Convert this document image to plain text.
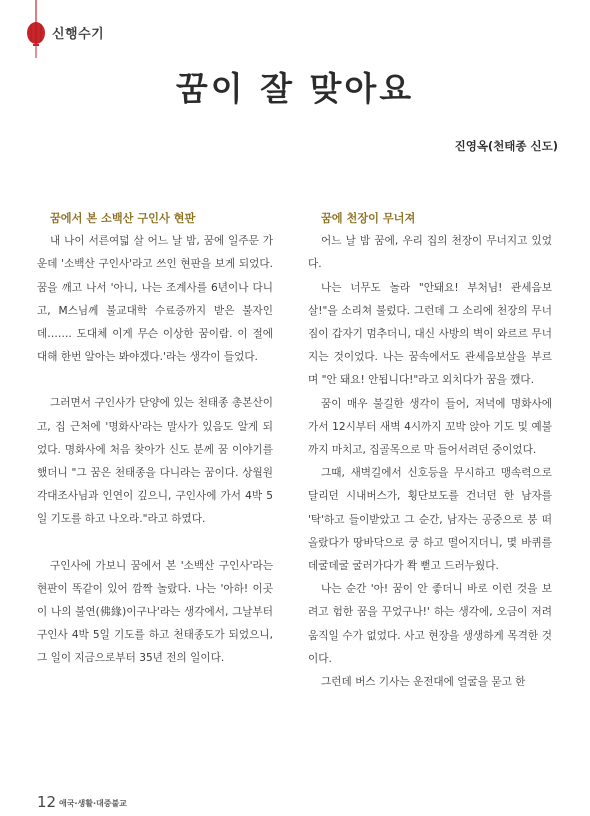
신행수기
꿈이 잘 맞아요
진영옥(천태종 신도)
꿈에서 본 소백산 구인사 현판

내 나이 서른여덟 살 어느 날 밤, 꿈에 일주문 가운데 '소백산 구인사'라고 쓰인 현판을 보게 되었다. 꿈을 깨고 나서 '아니, 나는 조계사를 6년이나 다니고, M스님께 불교대학 수료증까지 받은 불자인데……. 도대체 이게 무슨 이상한 꿈이람. 이 절에 대해 한번 알아는 봐야겠다.'라는 생각이 들었다.

그러면서 구인사가 단양에 있는 천태종 총본산이고, 집 근처에 '명화사'라는 말사가 있음도 알게 되었다. 명화사에 처음 찾아가 신도 분께 꿈 이야기를 했더니 "그 꿈은 천태종을 다니라는 꿈이다. 상월원각대조사님과 인연이 깊으니, 구인사에 가서 4박 5일 기도를 하고 나오라."라고 하였다.

구인사에 가보니 꿈에서 본 '소백산 구인사'라는 현판이 똑같이 있어 깜짝 놀랐다. 나는 '아하! 이곳이 나의 불연(佛緣)이구나'라는 생각에서, 그날부터 구인사 4박 5일 기도를 하고 천태종도가 되었으니, 그 일이 지금으로부터 35년 전의 일이다.

꿈에 천장이 무너져

어느 날 밤 꿈에, 우리 집의 천장이 무너지고 있었다.

나는 너무도 놀라 "안돼요! 부처님! 관세음보살!"을 소리쳐 불렀다. 그런데 그 소리에 천장의 무너짐이 갑자기 멈추더니, 대신 사방의 벽이 와르르 무너지는 것이었다. 나는 꿈속에서도 관세음보살을 부르며 "안 돼요! 안됩니다!"라고 외치다가 꿈을 깼다.

꿈이 매우 불길한 생각이 들어, 저녁에 명화사에 가서 12시부터 새벽 4시까지 꼬박 앉아 기도 및 예불까지 마치고, 집골목으로 막 들어서려던 중이었다.

그때, 새벽길에서 신호등을 무시하고 맹속력으로 달리던 시내버스가, 횡단보도를 건너던 한 남자를 '탁'하고 들이받았고 그 순간, 남자는 공중으로 붕 떠올랐다가 땅바닥으로 쿵 하고 떨어지더니, 몇 바퀴를 데굴데굴 굴러가다가 쫙 뻗고 드러누웠다.

나는 순간 '아! 꿈이 안 좋더니 바로 이런 것을 보려고 험한 꿈을 꾸었구나!' 하는 생각에, 오금이 저려 움직일 수가 없었다. 사고 현장을 생생하게 목격한 것이다.

그런데 버스 기사는 운전대에 얼굴을 묻고 한

12 애국·생활·대중불교
